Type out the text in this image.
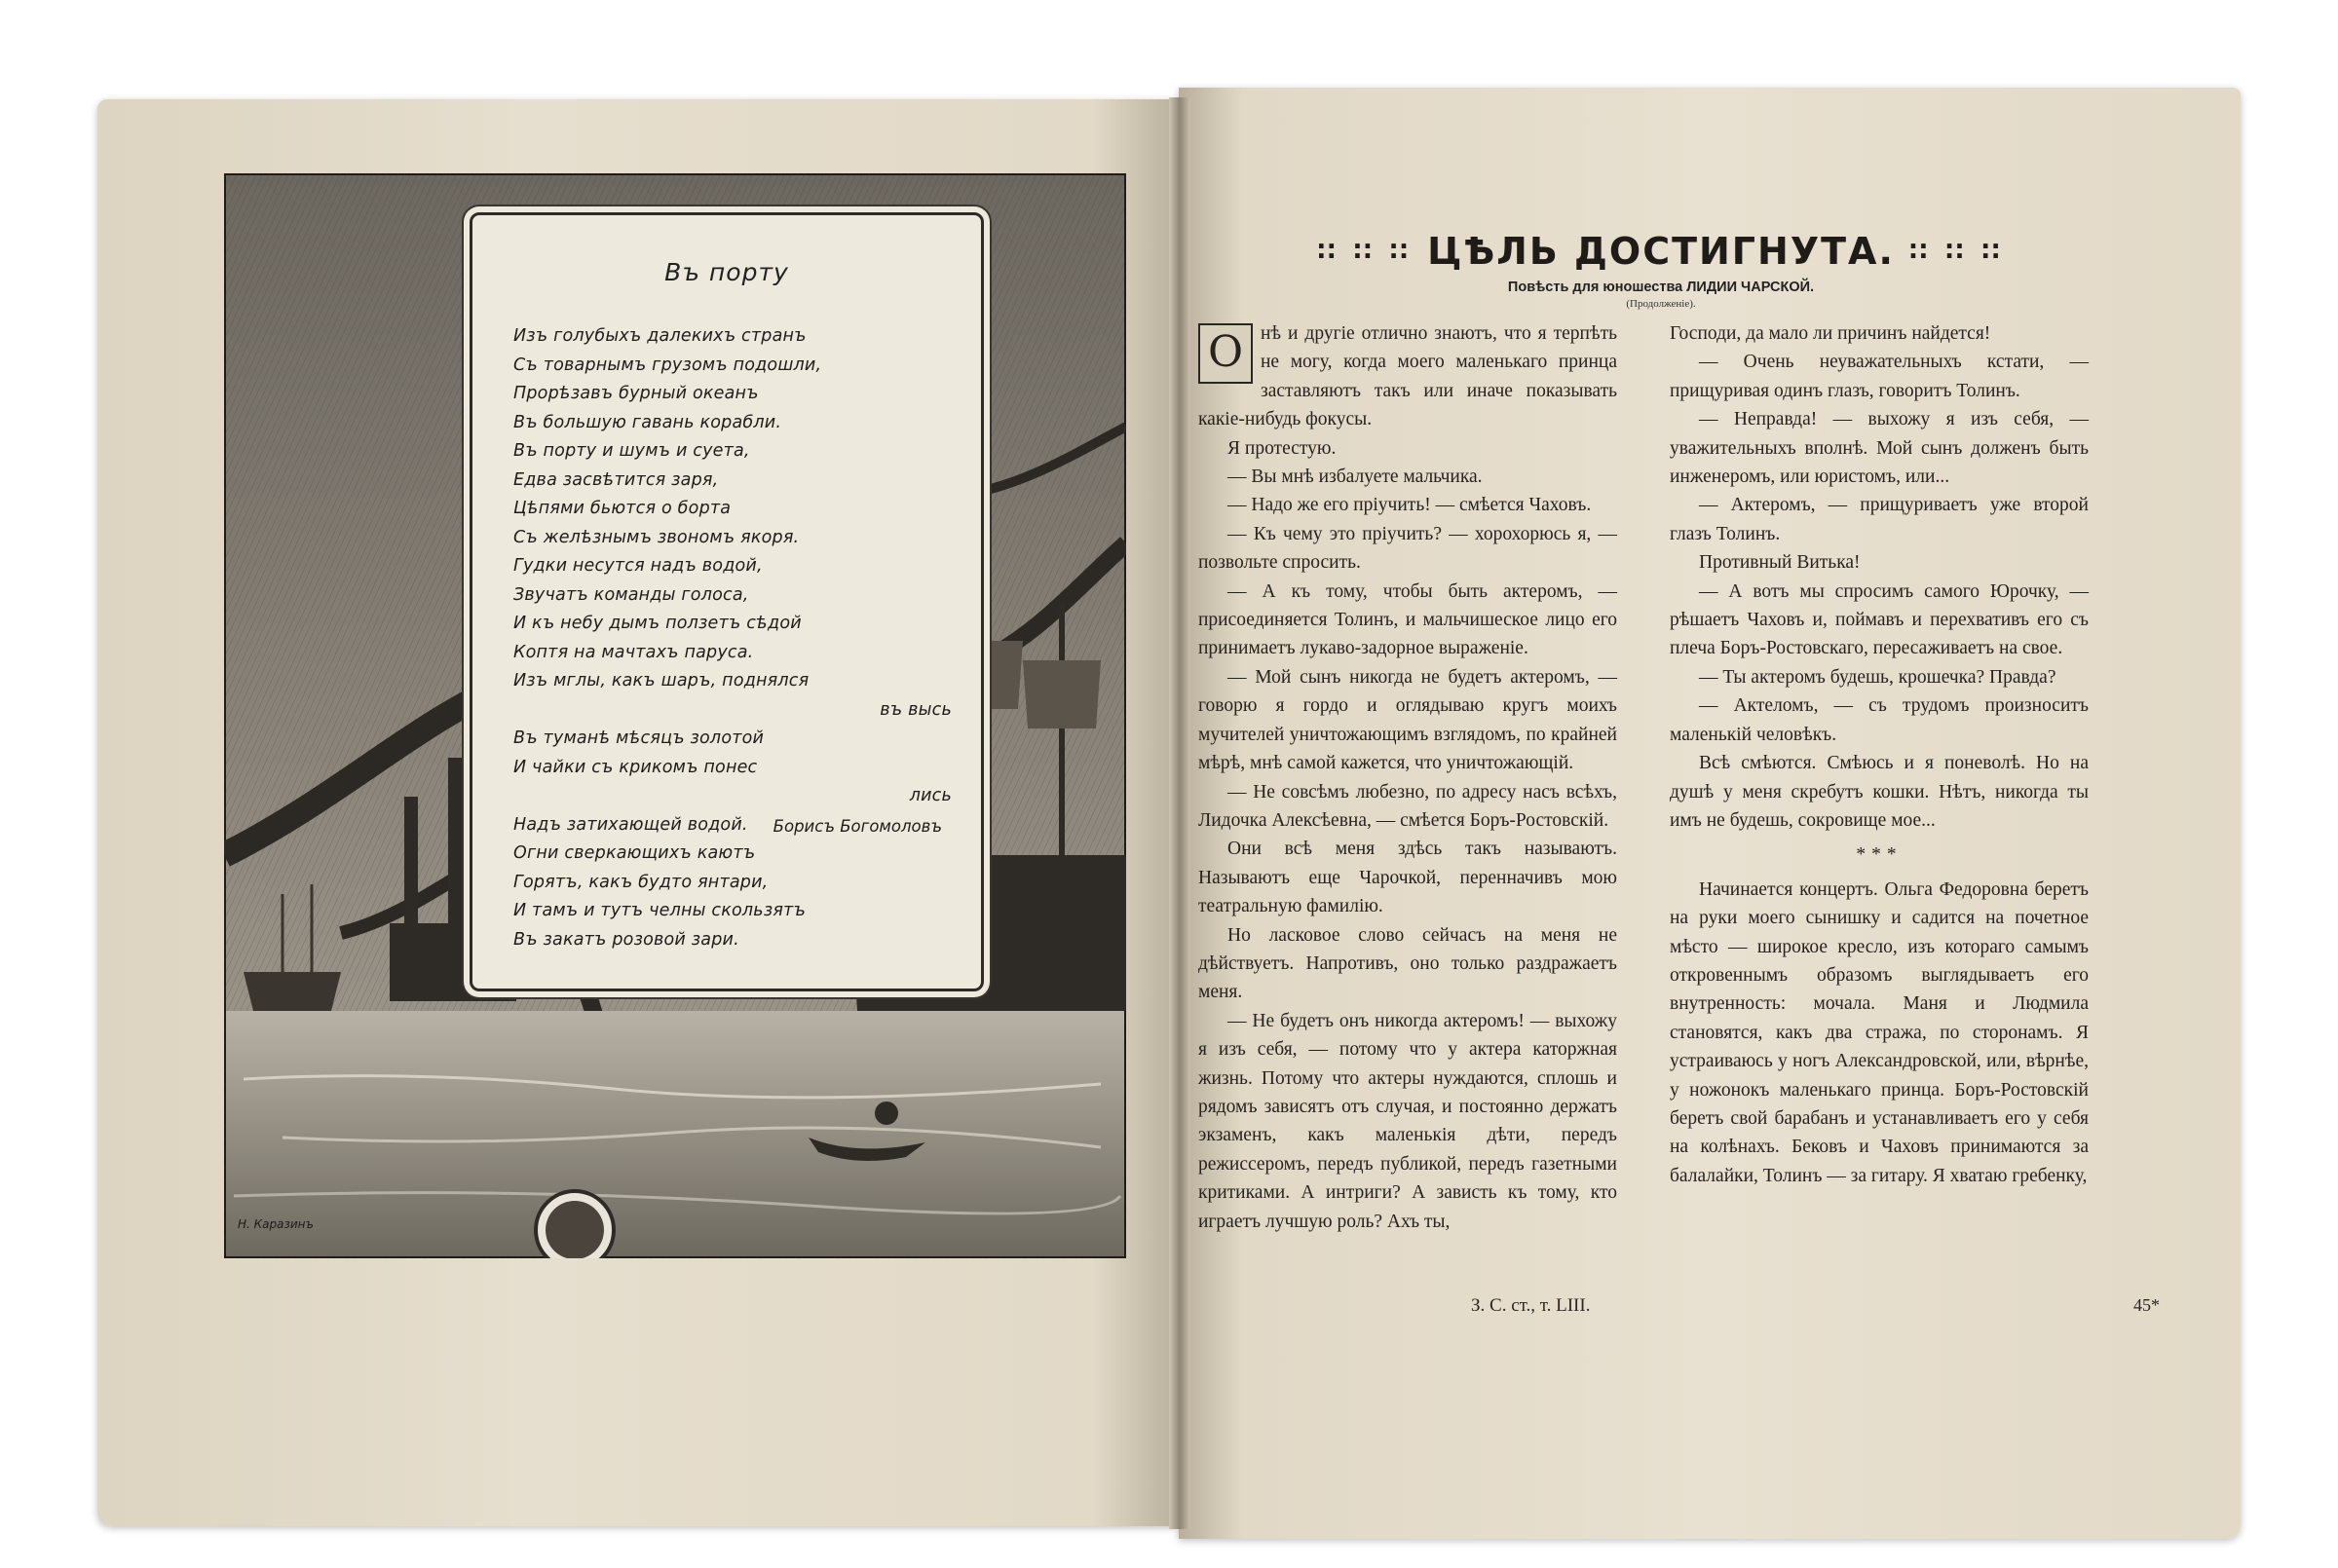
Н. Каразинъ
Въ порту
Изъ голубыхъ далекихъ странъ
Съ товарнымъ грузомъ подошли,
Прорѣзавъ бурный океанъ
Въ большую гавань корабли.
Въ порту и шумъ и суета,
Едва засвѣтится заря,
Цѣпями бьются о борта
Съ желѣзнымъ звономъ якоря.
Гудки несутся надъ водой,
Звучатъ команды голоса,
И къ небу дымъ ползетъ сѣдой
Коптя на мачтахъ паруса.
Изъ мглы, какъ шаръ, поднялся
въ высь
Въ туманѣ мѣсяцъ золотой
И чайки съ крикомъ понес
лись
Надъ затихающей водой.
Огни сверкающихъ каютъ
Горятъ, какъ будто янтари,
И тамъ и тутъ челны скользятъ
Въ закатъ розовой зари.
Борисъ Богомоловъ
∷ ∷ ∷ ЦѢЛЬ ДОСТИГНУТА. ∷ ∷ ∷
Повѣсть для юношества ЛИДИИ ЧАРСКОЙ.
(Продолженіе).

О нѣ и другіе отлично знаютъ, что я терпѣть не могу, когда моего маленькаго принца заставляютъ такъ или иначе показывать какіе-нибудь фокусы.

Я протестую.

— Вы мнѣ избалуете мальчика.

— Надо же его пріучить! — смѣется Чаховъ.

— Къ чему это пріучить? — хорохорюсь я, — позвольте спросить.

— А къ тому, чтобы быть актеромъ, — присоединяется Толинъ, и мальчишеское лицо его принимаетъ лукаво-задорное выраженіе.

— Мой сынъ никогда не будетъ актеромъ, — говорю я гордо и оглядываю кругъ моихъ мучителей уничтожающимъ взглядомъ, по крайней мѣрѣ, мнѣ самой кажется, что уничтожающій.

— Не совсѣмъ любезно, по адресу насъ всѣхъ, Лидочка Алексѣевна, — смѣется Боръ-Ростовскій.

Они всѣ меня здѣсь такъ называютъ. Называютъ еще Чарочкой, перенначивъ мою театральную фамилію.

Но ласковое слово сейчасъ на меня не дѣйствуетъ. Напротивъ, оно только раздражаетъ меня.

— Не будетъ онъ никогда актеромъ! — выхожу я изъ себя, — потому что у актера каторжная жизнь. Потому что актеры нуждаются, сплошь и рядомъ зависятъ отъ случая, и постоянно держатъ экзаменъ, какъ маленькія дѣти, передъ режиссеромъ, передъ публикой, передъ газетными критиками. А интриги? А зависть къ тому, кто играетъ лучшую роль? Ахъ ты,

Господи, да мало ли причинъ найдется!

— Очень неуважательныхъ кстати, — прищуривая одинъ глазъ, говоритъ Толинъ.

— Неправда! — выхожу я изъ себя, — уважительныхъ вполнѣ. Мой сынъ долженъ быть инженеромъ, или юристомъ, или...

— Актеромъ, — прищуриваетъ уже второй глазъ Толинъ.

Противный Витька!

— А вотъ мы спросимъ самого Юрочку, — рѣшаетъ Чаховъ и, поймавъ и перехвативъ его съ плеча Боръ-Ростовскаго, пересаживаетъ на свое.

— Ты актеромъ будешь, крошечка? Правда?

— Актеломъ, — съ трудомъ произноситъ маленькій человѣкъ.

Всѣ смѣются. Смѣюсь и я поневолѣ. Но на душѣ у меня скребутъ кошки. Нѣтъ, никогда ты имъ не будешь, сокровище мое...

***

Начинается концертъ. Ольга Федоровна беретъ на руки моего сынишку и садится на почетное мѣсто — широкое кресло, изъ котораго самымъ откровеннымъ образомъ выглядываетъ его внутренность: мочала. Маня и Людмила становятся, какъ два стража, по сторонамъ. Я устраиваюсь у ногъ Александровской, или, вѣрнѣе, у ножонокъ маленькаго принца. Боръ-Ростовскій беретъ свой барабанъ и устанавливаетъ его у себя на колѣнахъ. Бековъ и Чаховъ принимаются за балалайки, Толинъ — за гитару. Я хватаю гребенку,

З. С. ст., т. LIII.	45*
